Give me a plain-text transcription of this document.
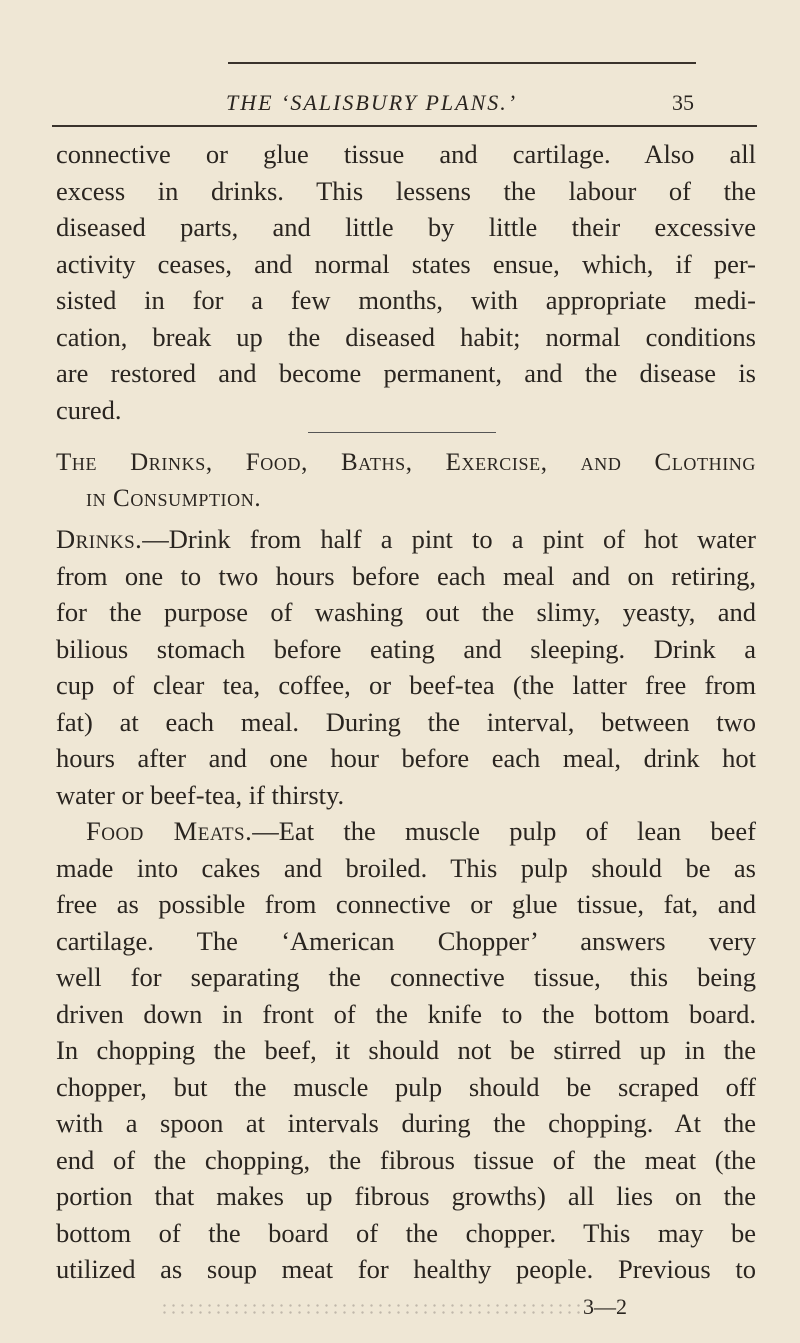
THE ‘SALISBURY PLANS.’	35
connective or glue tissue and cartilage. Also all
excess in drinks. This lessens the labour of the
diseased parts, and little by little their excessive
activity ceases, and normal states ensue, which, if per-
sisted in for a few months, with appropriate medi-
cation, break up the diseased habit; normal conditions
are restored and become permanent, and the disease is
cured.
The Drinks, Food, Baths, Exercise, and Clothing
in Consumption.
Drinks.—Drink from half a pint to a pint of hot water
from one to two hours before each meal and on retiring,
for the purpose of washing out the slimy, yeasty, and
bilious stomach before eating and sleeping. Drink a
cup of clear tea, coffee, or beef-tea (the latter free from
fat) at each meal. During the interval, between two
hours after and one hour before each meal, drink hot
water or beef-tea, if thirsty.
Food Meats.—Eat the muscle pulp of lean beef
made into cakes and broiled. This pulp should be as
free as possible from connective or glue tissue, fat, and
cartilage. The ‘American Chopper’ answers very
well for separating the connective tissue, this being
driven down in front of the knife to the bottom board.
In chopping the beef, it should not be stirred up in the
chopper, but the muscle pulp should be scraped off
with a spoon at intervals during the chopping. At the
end of the chopping, the fibrous tissue of the meat (the
portion that makes up fibrous growths) all lies on the
bottom of the board of the chopper. This may be
utilized as soup meat for healthy people. Previous to
3—2
